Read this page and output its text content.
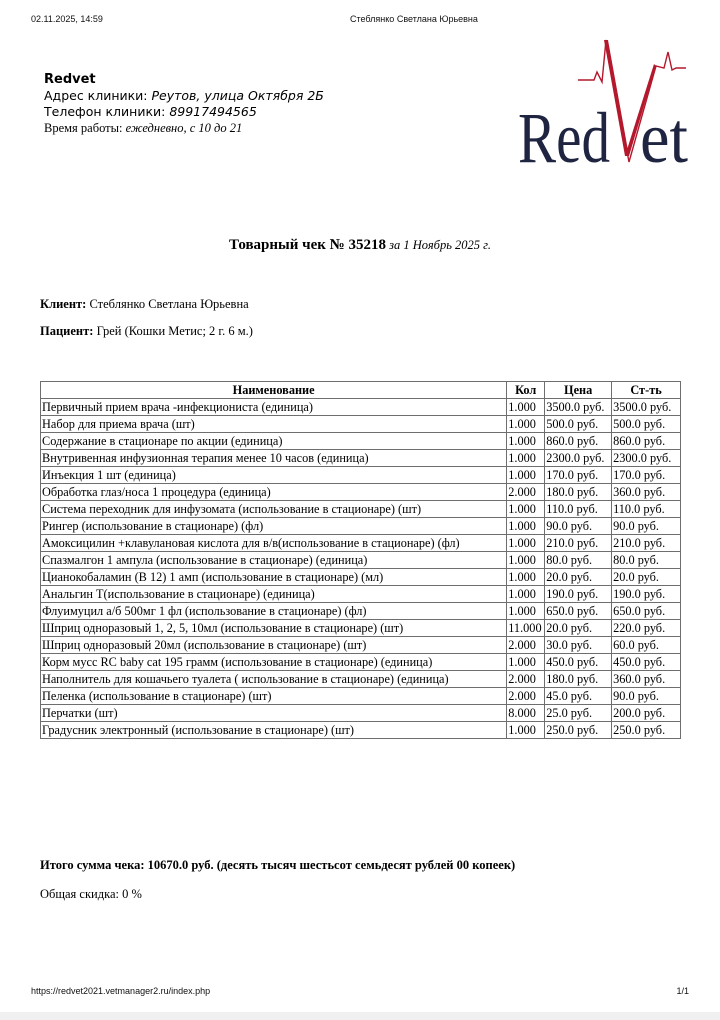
02.11.2025, 14:59	Стеблянко Светлана Юрьевна
Redvet
Адрес клиники: Реутов, улица Октября 2Б
Телефон клиники: 89917494565
Время работы: ежедневно, с 10 до 21	Red et
Товарный чек № 35218 за 1 Ноябрь 2025 г.
Клиент: Стеблянко Светлана Юрьевна
Пациент: Грей (Кошки Метис; 2 г. 6 м.)
Наименование	Кол	Цена	Ст-ть
Первичный прием врача -инфекциониста (единица)	1.000	3500.0 руб.	3500.0 руб.
Набор для приема врача (шт)	1.000	500.0 руб.	500.0 руб.
Содержание в стационаре по акции (единица)	1.000	860.0 руб.	860.0 руб.
Внутривенная инфузионная терапия менее 10 часов (единица)	1.000	2300.0 руб.	2300.0 руб.
Инъекция 1 шт (единица)	1.000	170.0 руб.	170.0 руб.
Обработка глаз/носа 1 процедура (единица)	2.000	180.0 руб.	360.0 руб.
Система переходник для инфузомата (использование в стационаре) (шт)	1.000	110.0 руб.	110.0 руб.
Рингер (использование в стационаре) (фл)	1.000	90.0 руб.	90.0 руб.
Амоксицилин +клавулановая кислота для в/в(использование в стационаре) (фл)	1.000	210.0 руб.	210.0 руб.
Спазмалгон 1 ампула (использование в стационаре) (единица)	1.000	80.0 руб.	80.0 руб.
Цианокобаламин (В 12) 1 амп (использование в стационаре) (мл)	1.000	20.0 руб.	20.0 руб.
Анальгин Т(использование в стационаре) (единица)	1.000	190.0 руб.	190.0 руб.
Флуимуцил а/б 500мг 1 фл (использование в стационаре) (фл)	1.000	650.0 руб.	650.0 руб.
Шприц одноразовый 1, 2, 5, 10мл (использование в стационаре) (шт)	11.000	20.0 руб.	220.0 руб.
Шприц одноразовый 20мл (использование в стационаре) (шт)	2.000	30.0 руб.	60.0 руб.
Корм мусс RC baby cat 195 грамм (использование в стационаре) (единица)	1.000	450.0 руб.	450.0 руб.
Наполнитель для кошачьего туалета ( использование в стационаре) (единица)	2.000	180.0 руб.	360.0 руб.
Пеленка (использование в стационаре) (шт)	2.000	45.0 руб.	90.0 руб.
Перчатки (шт)	8.000	25.0 руб.	200.0 руб.
Градусник электронный (использование в стационаре) (шт)	1.000	250.0 руб.	250.0 руб.
Итого сумма чека: 10670.0 руб. (десять тысяч шестьсот семьдесят рублей 00 копеек)
Общая скидка: 0 %
https://redvet2021.vetmanager2.ru/index.php	1/1
